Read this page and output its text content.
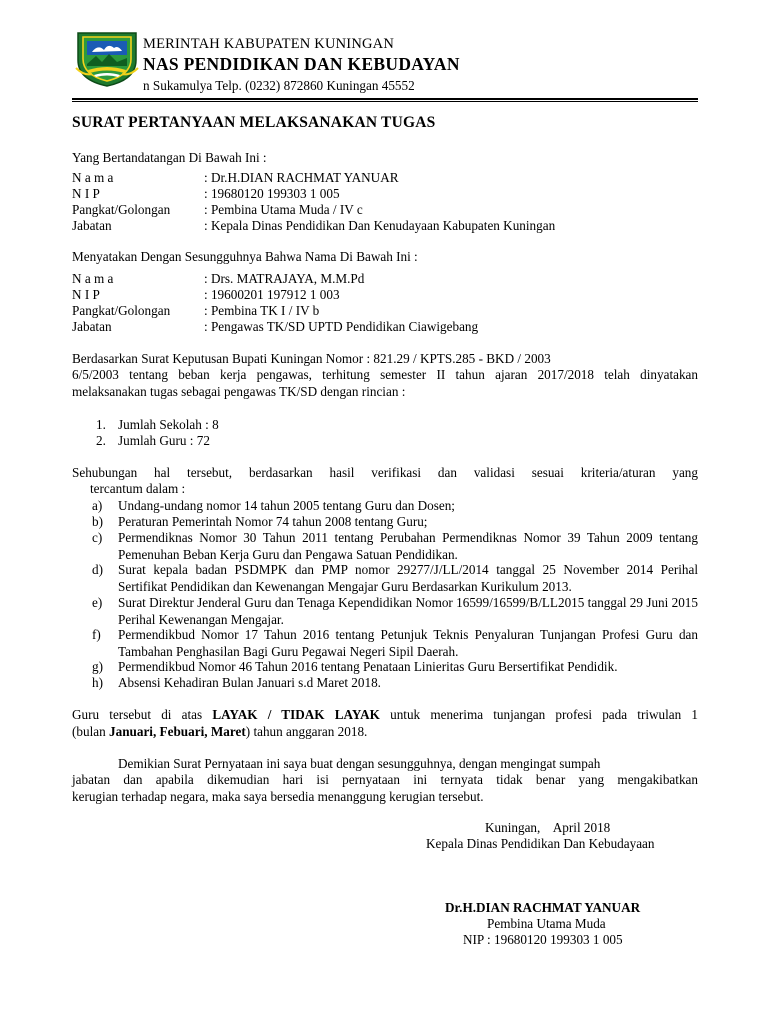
MERINTAH KABUPATEN KUNINGAN
NAS PENDIDIKAN DAN KEBUDAYAN
n Sukamulya Telp. (0232) 872860 Kuningan 45552
SURAT PERTANYAAN MELAKSANAKAN TUGAS
Yang Bertandatangan Di Bawah Ini :
N a m a	: Dr.H.DIAN RACHMAT YANUAR
N I P	: 19680120 199303 1 005
Pangkat/Golongan	: Pembina Utama Muda / IV c
Jabatan	: Kepala Dinas Pendidikan Dan Kenudayaan Kabupaten Kuningan
Menyatakan Dengan Sesungguhnya Bahwa Nama Di Bawah Ini :
N a m a	: Drs. MATRAJAYA, M.M.Pd
N I P	: 19600201 197912 1 003
Pangkat/Golongan	: Pembina TK I / IV b
Jabatan	: Pengawas TK/SD UPTD Pendidikan Ciawigebang
Berdasarkan Surat Keputusan Bupati Kuningan Nomor : 821.29 / KPTS.285 - BKD / 2003
6/5/2003 tentang beban kerja pengawas, terhitung semester II tahun ajaran 2017/2018 telah dinyatakan
melaksanakan tugas sebagai pengawas TK/SD dengan rincian :
1. Jumlah Sekolah : 8
2. Jumlah Guru : 72
Sehubungan hal tersebut, berdasarkan hasil verifikasi dan validasi sesuai kriteria/aturan yang
tercantum dalam :
a) Undang-undang nomor 14 tahun 2005 tentang Guru dan Dosen;
b) Peraturan Pemerintah Nomor 74 tahun 2008 tentang Guru;
c) Permendiknas Nomor 30 Tahun 2011 tentang Perubahan Permendiknas Nomor 39 Tahun 2009 tentang Pemenuhan Beban Kerja Guru dan Pengawa Satuan Pendidikan.
d) Surat kepala badan PSDMPK dan PMP nomor 29277/J/LL/2014 tanggal 25 November 2014 Perihal Sertifikat Pendidikan dan Kewenangan Mengajar Guru Berdasarkan Kurikulum 2013.
e) Surat Direktur Jenderal Guru dan Tenaga Kependidikan Nomor 16599/16599/B/LL2015 tanggal 29 Juni 2015 Perihal Kewenangan Mengajar.
f) Permendikbud Nomor 17 Tahun 2016 tentang Petunjuk Teknis Penyaluran Tunjangan Profesi Guru dan Tambahan Penghasilan Bagi Guru Pegawai Negeri Sipil Daerah.
g) Permendikbud Nomor 46 Tahun 2016 tentang Penataan Linieritas Guru Bersertifikat Pendidik.
h) Absensi Kehadiran Bulan Januari s.d Maret 2018.
Guru tersebut di atas LAYAK / TIDAK LAYAK untuk menerima tunjangan profesi pada triwulan 1
(bulan Januari, Febuari, Maret) tahun anggaran 2018.
Demikian Surat Pernyataan ini saya buat dengan sesungguhnya, dengan mengingat sumpah
jabatan dan apabila dikemudian hari isi pernyataan ini ternyata tidak benar yang mengakibatkan
kerugian terhadap negara, maka saya bersedia menanggung kerugian tersebut.
Kuningan,    April 2018
Kepala Dinas Pendidikan Dan Kebudayaan
Dr.H.DIAN RACHMAT YANUAR
Pembina Utama Muda
NIP : 19680120 199303 1 005
